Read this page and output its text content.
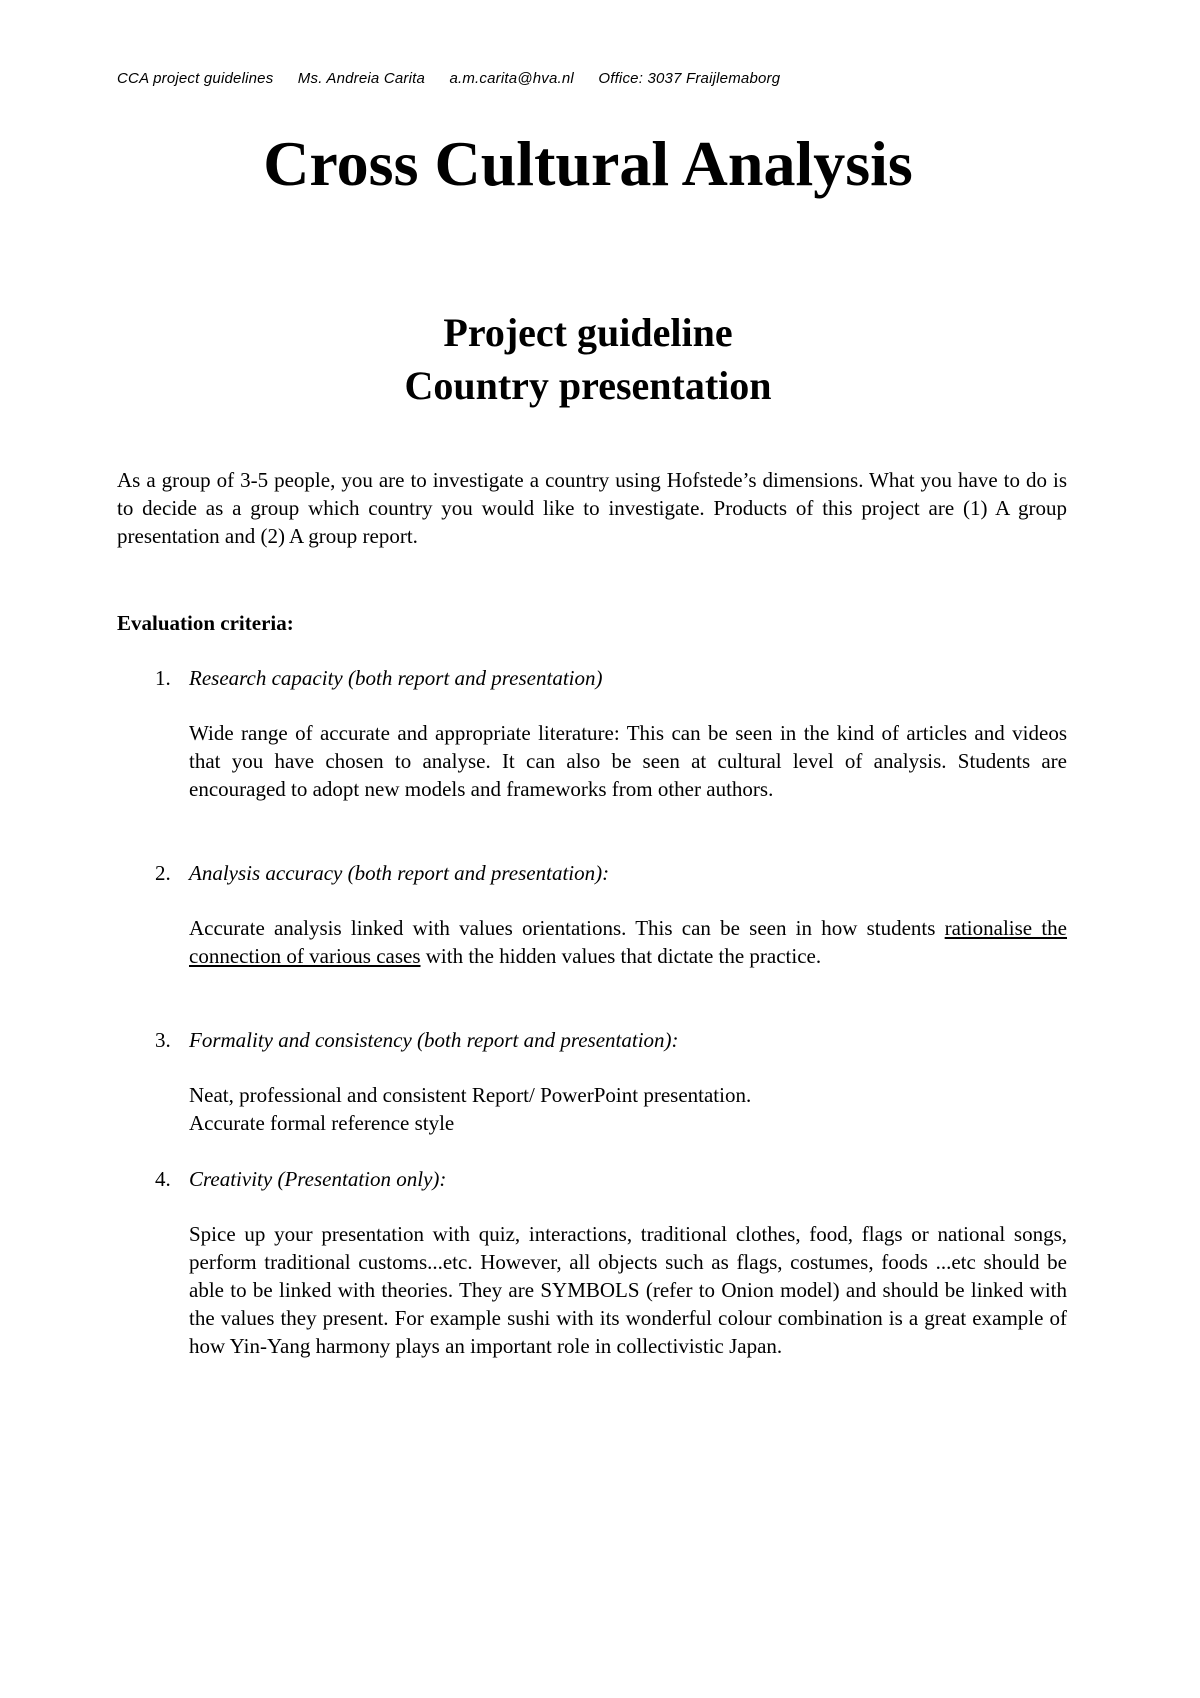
CCA project guidelines Ms. Andreia Carita a.m.carita@hva.nl Office: 3037 Fraijlemaborg
Cross Cultural Analysis
Project guideline
Country presentation

As a group of 3-5 people, you are to investigate a country using Hofstede’s dimensions. What you have to do is to decide as a group which country you would like to investigate. Products of this project are (1) A group presentation and (2) A group report.

Evaluation criteria:

1. Research capacity (both report and presentation)

Wide range of accurate and appropriate literature: This can be seen in the kind of articles and videos that you have chosen to analyse. It can also be seen at cultural level of analysis. Students are encouraged to adopt new models and frameworks from other authors.

2. Analysis accuracy (both report and presentation):

Accurate analysis linked with values orientations. This can be seen in how students rationalise the connection of various cases with the hidden values that dictate the practice.

3. Formality and consistency (both report and presentation):
Neat, professional and consistent Report/ PowerPoint presentation.
Accurate formal reference style
4. Creativity (Presentation only):

Spice up your presentation with quiz, interactions, traditional clothes, food, flags or national songs, perform traditional customs...etc. However, all objects such as flags, costumes, foods ...etc should be able to be linked with theories. They are SYMBOLS (refer to Onion model) and should be linked with the values they present. For example sushi with its wonderful colour combination is a great example of how Yin-Yang harmony plays an important role in collectivistic Japan.
